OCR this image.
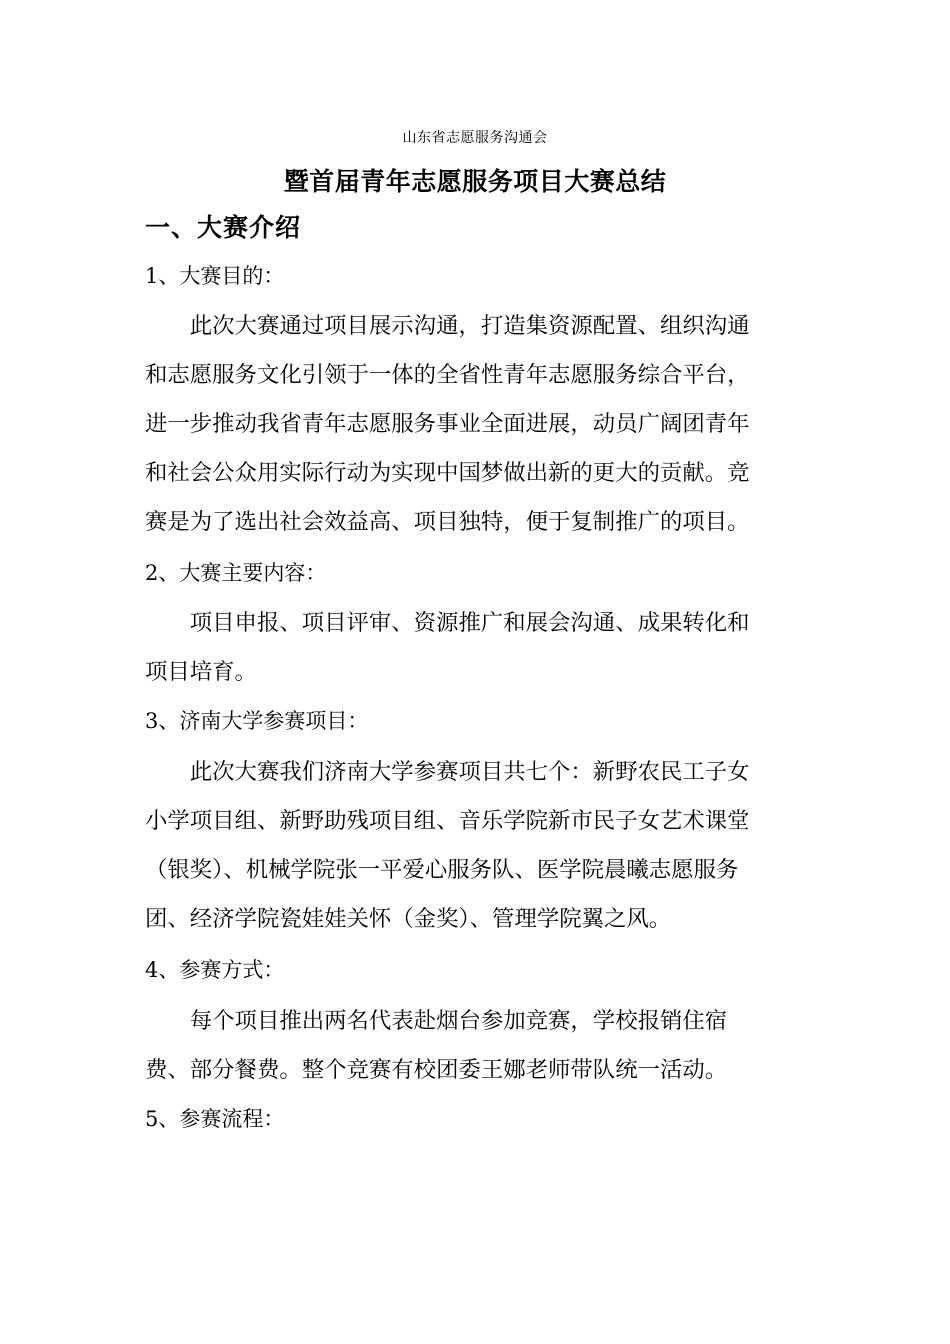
山东省志愿服务沟通会
暨首届青年志愿服务项目大赛总结
一、大赛介绍
1、大赛目的：
　　此次大赛通过项目展示沟通，打造集资源配置、组织沟通
和志愿服务文化引领于一体的全省性青年志愿服务综合平台，
进一步推动我省青年志愿服务事业全面进展，动员广阔团青年
和社会公众用实际行动为实现中国梦做出新的更大的贡献。竞
赛是为了选出社会效益高、项目独特，便于复制推广的项目。
2、大赛主要内容：
　　项目申报、项目评审、资源推广和展会沟通、成果转化和
项目培育。
3、济南大学参赛项目：
　　此次大赛我们济南大学参赛项目共七个：新野农民工子女
小学项目组、新野助残项目组、音乐学院新市民子女艺术课堂
（银奖）、机械学院张一平爱心服务队、医学院晨曦志愿服务
团、经济学院瓷娃娃关怀（金奖）、管理学院翼之风。
4、参赛方式：
　　每个项目推出两名代表赴烟台参加竞赛，学校报销住宿
费、部分餐费。整个竞赛有校团委王娜老师带队统一活动。
5、参赛流程：
